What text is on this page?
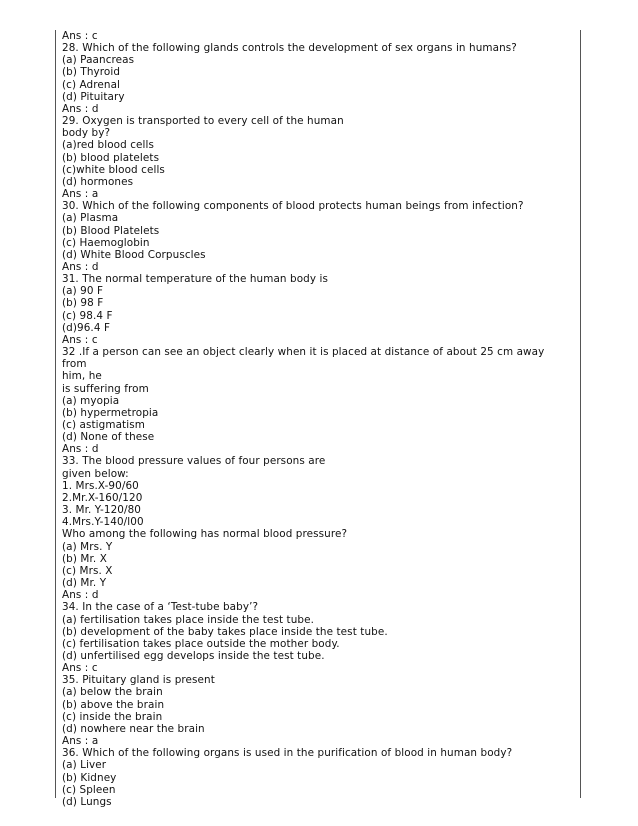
Ans : c
28. Which of the following glands controls the development of sex organs in humans?
(a) Paancreas
(b) Thyroid
(c) Adrenal
(d) Pituitary
Ans : d
29. Oxygen is transported to every cell of the human
body by?
(a)red blood cells
(b) blood platelets
(c)white blood cells
(d) hormones
Ans : a
30. Which of the following components of blood protects human beings from infection?
(a) Plasma
(b) Blood Platelets
(c) Haemoglobin
(d) White Blood Corpuscles
Ans : d
31. The normal temperature of the human body is
(a) 90 F
(b) 98 F
(c) 98.4 F
(d)96.4 F
Ans : c
32 .If a person can see an object clearly when it is placed at distance of about 25 cm away from
him, he
is suffering from
(a) myopia
(b) hypermetropia
(c) astigmatism
(d) None of these
Ans : d
33. The blood pressure values of four persons are
given below:
1. Mrs.X-90/60
2.Mr.X-160/120
3. Mr. Y-120/80
4.Mrs.Y-140/l00
Who among the following has normal blood pressure?
(a) Mrs. Y
(b) Mr. X
(c) Mrs. X
(d) Mr. Y
Ans : d
34. In the case of a ‘Test-tube baby’?
(a) fertilisation takes place inside the test tube.
(b) development of the baby takes place inside the test tube.
(c) fertilisation takes place outside the mother body.
(d) unfertilised egg develops inside the test tube.
Ans : c
35. Pituitary gland is present
(a) below the brain
(b) above the brain
(c) inside the brain
(d) nowhere near the brain
Ans : a
36. Which of the following organs is used in the purification of blood in human body?
(a) Liver
(b) Kidney
(c) Spleen
(d) Lungs
